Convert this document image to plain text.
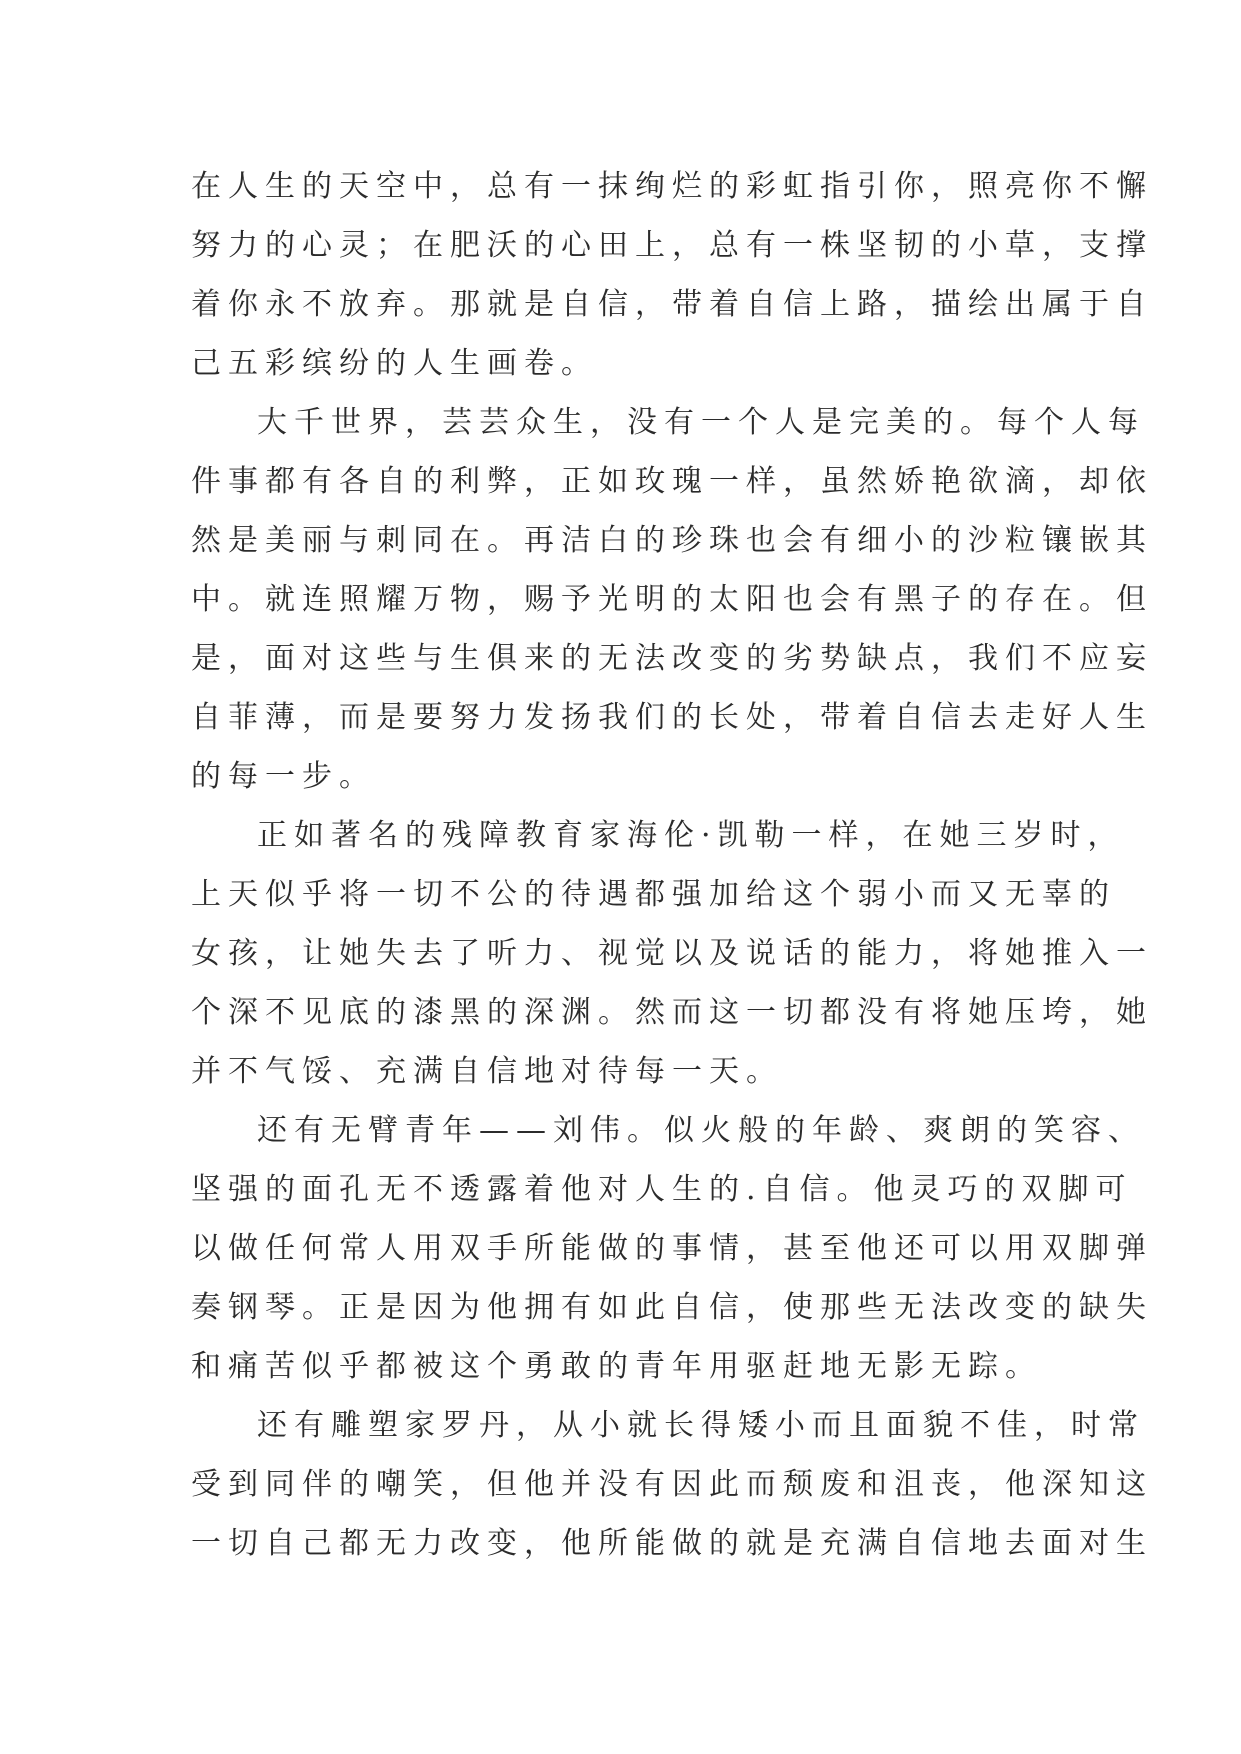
在人生的天空中，总有一抹绚烂的彩虹指引你，照亮你不懈
努力的心灵；在肥沃的心田上，总有一株坚韧的小草，支撑
着你永不放弃。那就是自信，带着自信上路，描绘出属于自
己五彩缤纷的人生画卷。
大千世界，芸芸众生，没有一个人是完美的。每个人每
件事都有各自的利弊，正如玫瑰一样，虽然娇艳欲滴，却依
然是美丽与刺同在。再洁白的珍珠也会有细小的沙粒镶嵌其
中。就连照耀万物，赐予光明的太阳也会有黑子的存在。但
是，面对这些与生俱来的无法改变的劣势缺点，我们不应妄
自菲薄，而是要努力发扬我们的长处，带着自信去走好人生
的每一步。
正如著名的残障教育家海伦·凯勒一样，在她三岁时，
上天似乎将一切不公的待遇都强加给这个弱小而又无辜的
女孩，让她失去了听力、视觉以及说话的能力，将她推入一
个深不见底的漆黑的深渊。然而这一切都没有将她压垮，她
并不气馁、充满自信地对待每一天。
还有无臂青年——刘伟。似火般的年龄、爽朗的笑容、
坚强的面孔无不透露着他对人生的.自信。他灵巧的双脚可
以做任何常人用双手所能做的事情，甚至他还可以用双脚弹
奏钢琴。正是因为他拥有如此自信，使那些无法改变的缺失
和痛苦似乎都被这个勇敢的青年用驱赶地无影无踪。
还有雕塑家罗丹，从小就长得矮小而且面貌不佳，时常
受到同伴的嘲笑，但他并没有因此而颓废和沮丧，他深知这
一切自己都无力改变，他所能做的就是充满自信地去面对生
